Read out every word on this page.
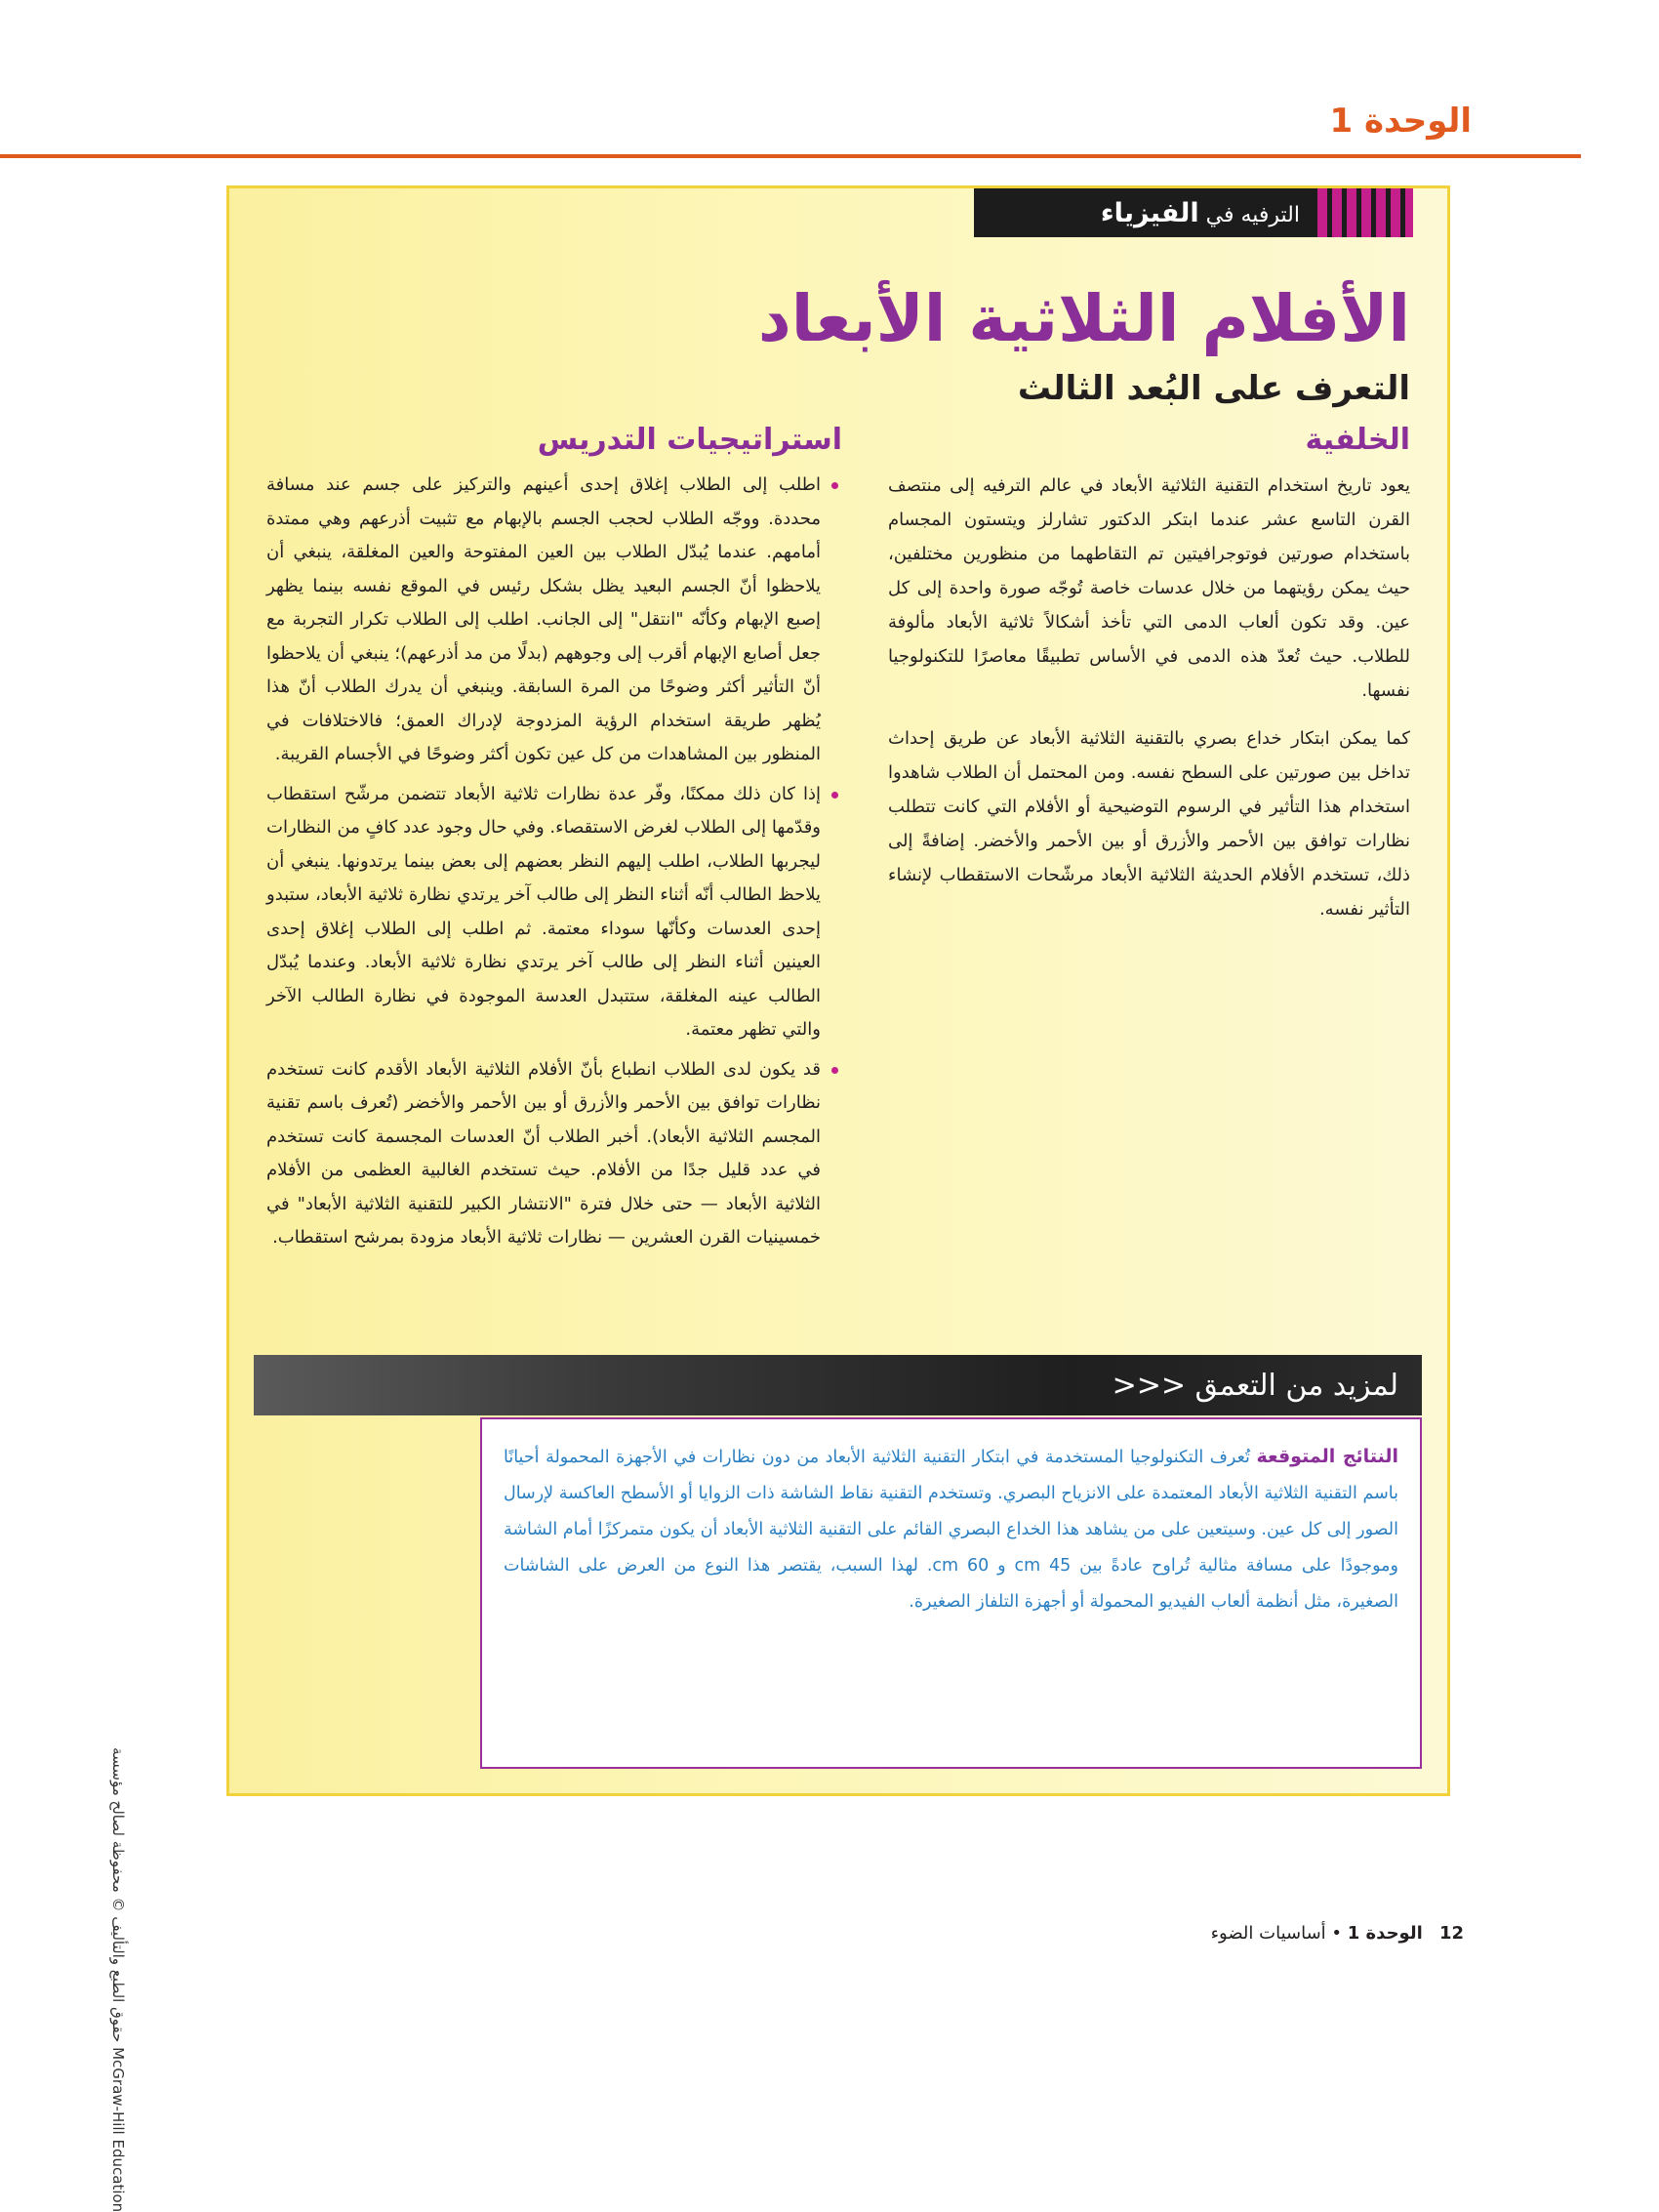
الوحدة 1
McGraw-Hill Education حقوق الطبع والتأليف © محفوظة لصالح مؤسسة
الترفيه في الفيزياء
الأفلام الثلاثية الأبعاد
التعرف على البُعد الثالث
الخلفية

يعود تاريخ استخدام التقنية الثلاثية الأبعاد في عالم الترفيه إلى منتصف القرن التاسع عشر عندما ابتكر الدكتور تشارلز ويتستون المجسام باستخدام صورتين فوتوجرافيتين تم التقاطهما من منظورين مختلفين، حيث يمكن رؤيتهما من خلال عدسات خاصة تُوجّه صورة واحدة إلى كل عين. وقد تكون ألعاب الدمى التي تأخذ أشكالاً ثلاثية الأبعاد مألوفة للطلاب. حيث تُعدّ هذه الدمى في الأساس تطبيقًا معاصرًا للتكنولوجيا نفسها.

كما يمكن ابتكار خداع بصري بالتقنية الثلاثية الأبعاد عن طريق إحداث تداخل بين صورتين على السطح نفسه. ومن المحتمل أن الطلاب شاهدوا استخدام هذا التأثير في الرسوم التوضيحية أو الأفلام التي كانت تتطلب نظارات توافق بين الأحمر والأزرق أو بين الأحمر والأخضر. إضافةً إلى ذلك، تستخدم الأفلام الحديثة الثلاثية الأبعاد مرشّحات الاستقطاب لإنشاء التأثير نفسه.

استراتيجيات التدريس

اطلب إلى الطلاب إغلاق إحدى أعينهم والتركيز على جسم عند مسافة محددة. ووجّه الطلاب لحجب الجسم بالإبهام مع تثبيت أذرعهم وهي ممتدة أمامهم. عندما يُبدّل الطلاب بين العين المفتوحة والعين المغلقة، ينبغي أن يلاحظوا أنّ الجسم البعيد يظل بشكل رئيس في الموقع نفسه بينما يظهر إصبع الإبهام وكأنّه "انتقل" إلى الجانب. اطلب إلى الطلاب تكرار التجربة مع جعل أصابع الإبهام أقرب إلى وجوههم (بدلًا من مد أذرعهم)؛ ينبغي أن يلاحظوا أنّ التأثير أكثر وضوحًا من المرة السابقة. وينبغي أن يدرك الطلاب أنّ هذا يُظهر طريقة استخدام الرؤية المزدوجة لإدراك العمق؛ فالاختلافات في المنظور بين المشاهدات من كل عين تكون أكثر وضوحًا في الأجسام القريبة.

إذا كان ذلك ممكنًا، وفّر عدة نظارات ثلاثية الأبعاد تتضمن مرشّح استقطاب وقدّمها إلى الطلاب لغرض الاستقصاء. وفي حال وجود عدد كافٍ من النظارات ليجربها الطلاب، اطلب إليهم النظر بعضهم إلى بعض بينما يرتدونها. ينبغي أن يلاحظ الطالب أنّه أثناء النظر إلى طالب آخر يرتدي نظارة ثلاثية الأبعاد، ستبدو إحدى العدسات وكأنّها سوداء معتمة. ثم اطلب إلى الطلاب إغلاق إحدى العينين أثناء النظر إلى طالب آخر يرتدي نظارة ثلاثية الأبعاد. وعندما يُبدّل الطالب عينه المغلقة، ستتبدل العدسة الموجودة في نظارة الطالب الآخر والتي تظهر معتمة.

قد يكون لدى الطلاب انطباع بأنّ الأفلام الثلاثية الأبعاد الأقدم كانت تستخدم نظارات توافق بين الأحمر والأزرق أو بين الأحمر والأخضر (تُعرف باسم تقنية المجسم الثلاثية الأبعاد). أخبر الطلاب أنّ العدسات المجسمة كانت تستخدم في عدد قليل جدًا من الأفلام. حيث تستخدم الغالبية العظمى من الأفلام الثلاثية الأبعاد — حتى خلال فترة "الانتشار الكبير للتقنية الثلاثية الأبعاد" في خمسينيات القرن العشرين — نظارات ثلاثية الأبعاد مزودة بمرشح استقطاب.

لمزيد من التعمق <<<

النتائج المتوقعة تُعرف التكنولوجيا المستخدمة في ابتكار التقنية الثلاثية الأبعاد من دون نظارات في الأجهزة المحمولة أحيانًا باسم التقنية الثلاثية الأبعاد المعتمدة على الانزياح البصري. وتستخدم التقنية نقاط الشاشة ذات الزوايا أو الأسطح العاكسة لإرسال الصور إلى كل عين. وسيتعين على من يشاهد هذا الخداع البصري القائم على التقنية الثلاثية الأبعاد أن يكون متمركزًا أمام الشاشة وموجودًا على مسافة مثالية تُراوح عادةً بين 45 cm و 60 cm. لهذا السبب، يقتصر هذا النوع من العرض على الشاشات الصغيرة، مثل أنظمة ألعاب الفيديو المحمولة أو أجهزة التلفاز الصغيرة.

12   الوحدة 1 • أساسيات الضوء
